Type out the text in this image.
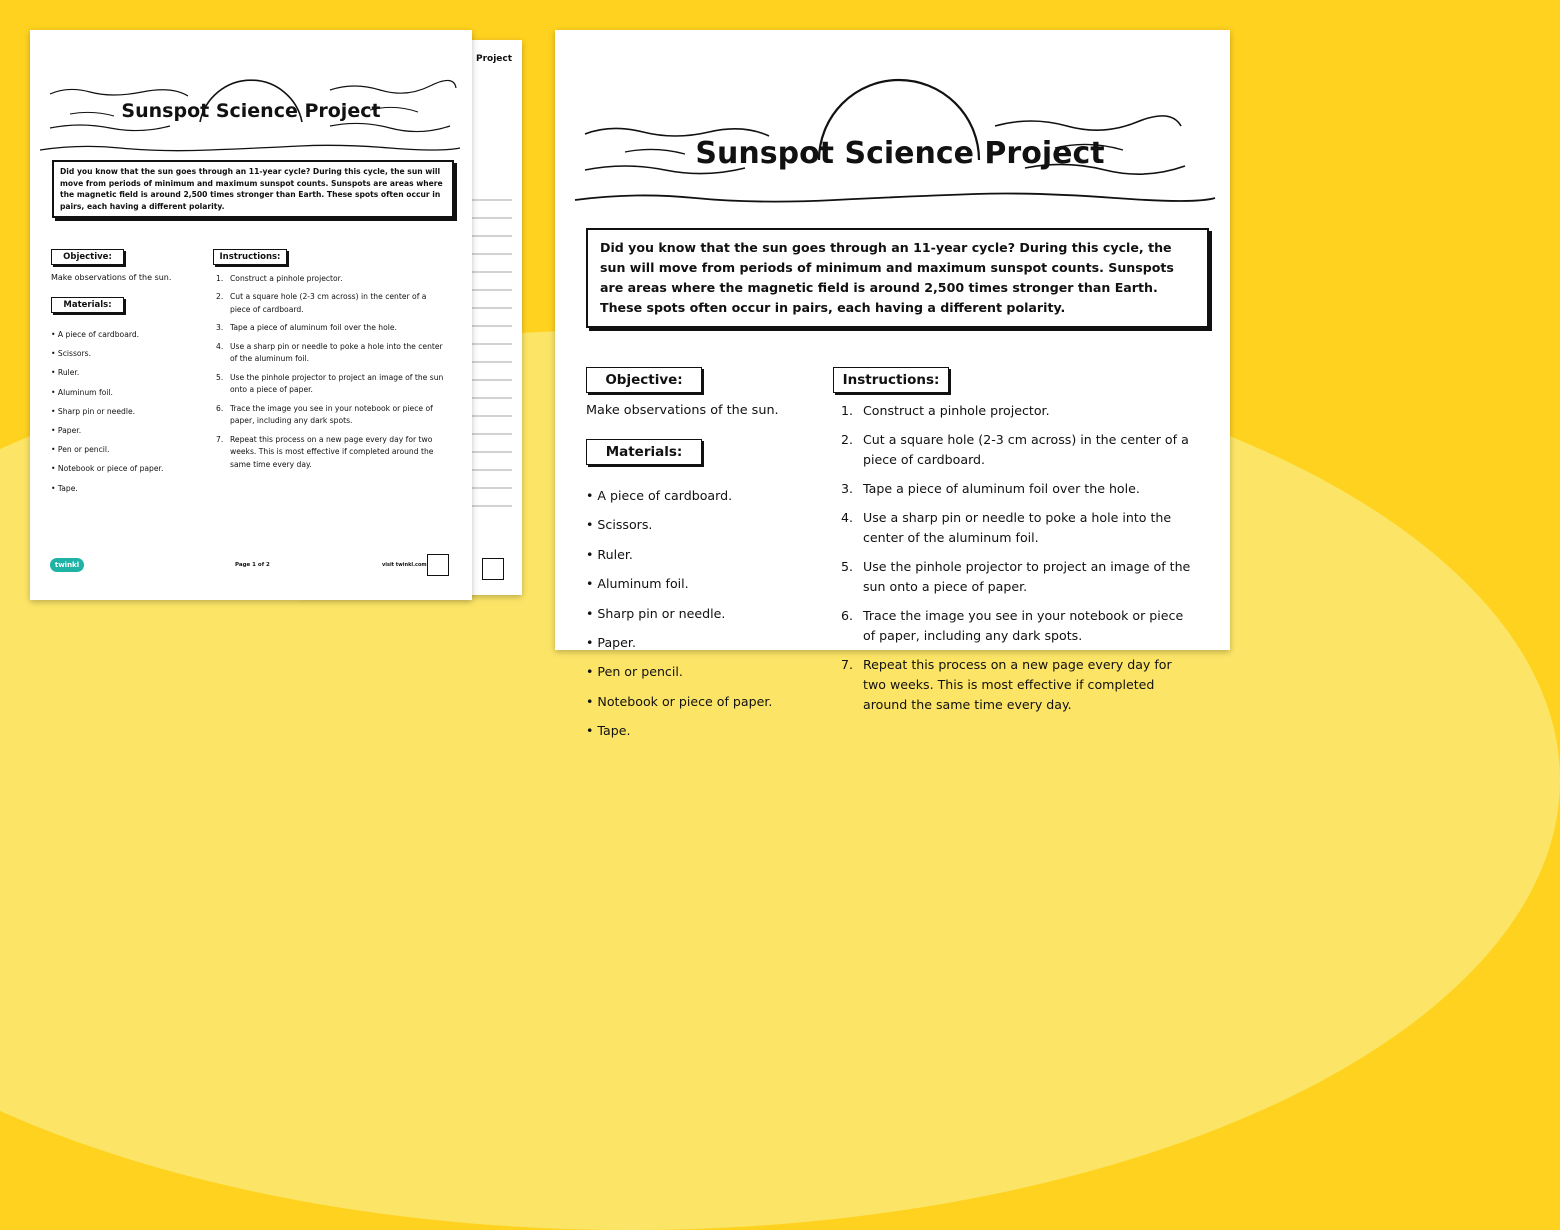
Project
Sunspot Science Project
Did you know that the sun goes through an 11-year cycle? During this cycle, the sun will move from periods of minimum and maximum sunspot counts. Sunspots are areas where the magnetic field is around 2,500 times stronger than Earth. These spots often occur in pairs, each having a different polarity.
Objective:
Make observations of the sun.
Materials:
• A piece of cardboard.
• Scissors.
• Ruler.
• Aluminum foil.
• Sharp pin or needle.
• Paper.
• Pen or pencil.
• Notebook or piece of paper.
• Tape.
Instructions:
1. Construct a pinhole projector.
2. Cut a square hole (2-3 cm across) in the center of a piece of cardboard.
3. Tape a piece of aluminum foil over the hole.
4. Use a sharp pin or needle to poke a hole into the center of the aluminum foil.
5. Use the pinhole projector to project an image of the sun onto a piece of paper.
6. Trace the image you see in your notebook or piece of paper, including any dark spots.
7. Repeat this process on a new page every day for two weeks. This is most effective if completed around the same time every day.
twinkl	Page 1 of 2	visit twinkl.com
Sunspot Science Project
Did you know that the sun goes through an 11-year cycle? During this cycle, the sun will move from periods of minimum and maximum sunspot counts. Sunspots are areas where the magnetic field is around 2,500 times stronger than Earth. These spots often occur in pairs, each having a different polarity.
Objective:
Make observations of the sun.
Materials:
• A piece of cardboard.
• Scissors.
• Ruler.
• Aluminum foil.
• Sharp pin or needle.
• Paper.
• Pen or pencil.
• Notebook or piece of paper.
• Tape.
Instructions:
1. Construct a pinhole projector.
2. Cut a square hole (2-3 cm across) in the center of a piece of cardboard.
3. Tape a piece of aluminum foil over the hole.
4. Use a sharp pin or needle to poke a hole into the center of the aluminum foil.
5. Use the pinhole projector to project an image of the sun onto a piece of paper.
6. Trace the image you see in your notebook or piece of paper, including any dark spots.
7. Repeat this process on a new page every day for two weeks. This is most effective if completed around the same time every day.
